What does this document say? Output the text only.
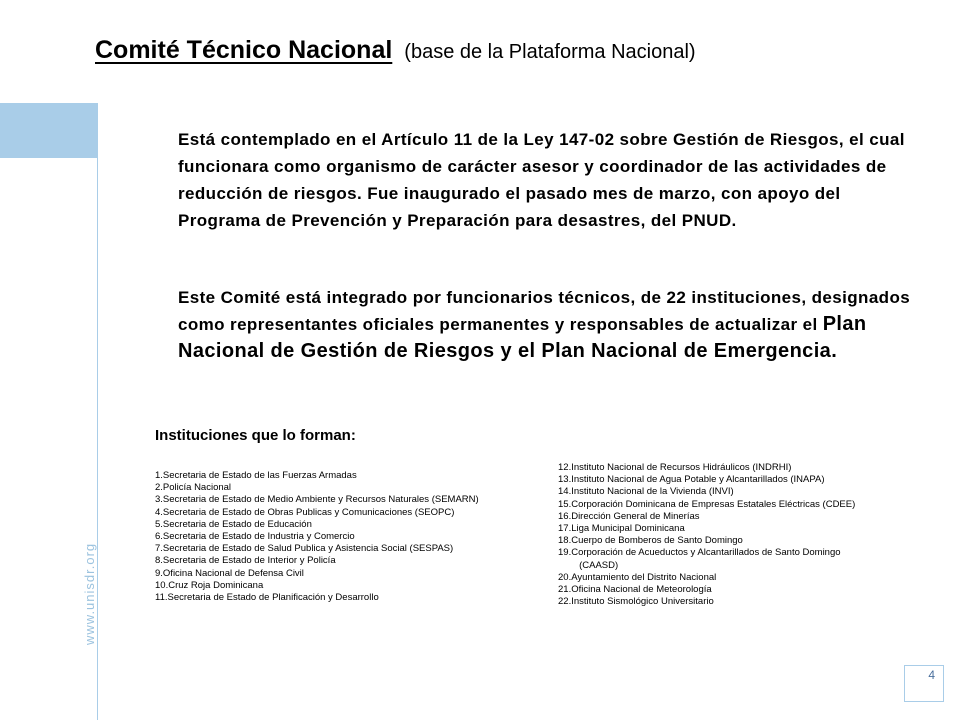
www.unisdr.org
Comité Técnico Nacional (base de la Plataforma Nacional)
Está contemplado en el Artículo 11 de la Ley 147-02 sobre Gestión de Riesgos, el cual funcionara como organismo de carácter asesor y coordinador de las actividades de reducción de riesgos. Fue inaugurado el pasado mes de marzo, con apoyo del Programa de Prevención y Preparación para desastres, del PNUD.
Este Comité está integrado por funcionarios técnicos, de 22 instituciones, designados como representantes oficiales permanentes y responsables de actualizar el Plan Nacional de Gestión de Riesgos y el Plan Nacional de Emergencia.
Instituciones que lo forman:
1.Secretaria de Estado de las Fuerzas Armadas
2.Policía Nacional
3.Secretaria de Estado de Medio Ambiente y Recursos Naturales (SEMARN)
4.Secretaria de Estado de Obras Publicas y Comunicaciones (SEOPC)
5.Secretaria de Estado de Educación
6.Secretaria de Estado de Industria y Comercio
7.Secretaria de Estado de Salud Publica y Asistencia Social (SESPAS)
8.Secretaria de Estado de Interior y Policía
9.Oficina Nacional de Defensa Civil
10.Cruz Roja Dominicana
11.Secretaria de Estado de Planificación y Desarrollo
12.Instituto Nacional de Recursos Hidráulicos (INDRHI)
13.Instituto Nacional de Agua Potable y Alcantarillados (INAPA)
14.Instituto Nacional de la Vivienda (INVI)
15.Corporación Dominicana de Empresas Estatales Eléctricas (CDEE)
16.Dirección General de Minerías
17.Liga Municipal Dominicana
18.Cuerpo de Bomberos de Santo Domingo
19.Corporación de Acueductos y Alcantarillados de Santo Domingo
(CAASD)
20.Ayuntamiento del Distrito Nacional
21.Oficina Nacional de Meteorología
22.Instituto Sismológico Universitario
4
